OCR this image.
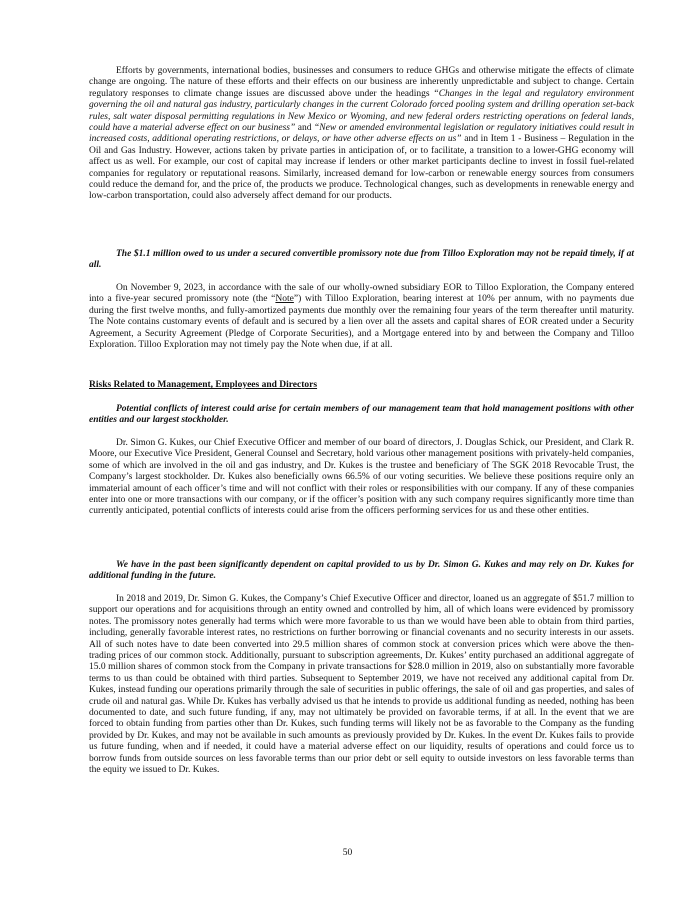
Efforts by governments, international bodies, businesses and consumers to reduce GHGs and otherwise mitigate the effects of climate change are ongoing. The nature of these efforts and their effects on our business are inherently unpredictable and subject to change. Certain regulatory responses to climate change issues are discussed above under the headings “Changes in the legal and regulatory environment governing the oil and natural gas industry, particularly changes in the current Colorado forced pooling system and drilling operation set-back rules, salt water disposal permitting regulations in New Mexico or Wyoming, and new federal orders restricting operations on federal lands, could have a material adverse effect on our business” and “New or amended environmental legislation or regulatory initiatives could result in increased costs, additional operating restrictions, or delays, or have other adverse effects on us” and in Item 1 - Business – Regulation in the Oil and Gas Industry. However, actions taken by private parties in anticipation of, or to facilitate, a transition to a lower-GHG economy will affect us as well. For example, our cost of capital may increase if lenders or other market participants decline to invest in fossil fuel-related companies for regulatory or reputational reasons. Similarly, increased demand for low-carbon or renewable energy sources from consumers could reduce the demand for, and the price of, the products we produce. Technological changes, such as developments in renewable energy and low-carbon transportation, could also adversely affect demand for our products.

The $1.1 million owed to us under a secured convertible promissory note due from Tilloo Exploration may not be repaid timely, if at all.

On November 9, 2023, in accordance with the sale of our wholly-owned subsidiary EOR to Tilloo Exploration, the Company entered into a five-year secured promissory note (the “Note”) with Tilloo Exploration, bearing interest at 10% per annum, with no payments due during the first twelve months, and fully-amortized payments due monthly over the remaining four years of the term thereafter until maturity. The Note contains customary events of default and is secured by a lien over all the assets and capital shares of EOR created under a Security Agreement, a Security Agreement (Pledge of Corporate Securities), and a Mortgage entered into by and between the Company and Tilloo Exploration. Tilloo Exploration may not timely pay the Note when due, if at all.

Risks Related to Management, Employees and Directors

Potential conflicts of interest could arise for certain members of our management team that hold management positions with other entities and our largest stockholder.

Dr. Simon G. Kukes, our Chief Executive Officer and member of our board of directors, J. Douglas Schick, our President, and Clark R. Moore, our Executive Vice President, General Counsel and Secretary, hold various other management positions with privately-held companies, some of which are involved in the oil and gas industry, and Dr. Kukes is the trustee and beneficiary of The SGK 2018 Revocable Trust, the Company’s largest stockholder. Dr. Kukes also beneficially owns 66.5% of our voting securities. We believe these positions require only an immaterial amount of each officer’s time and will not conflict with their roles or responsibilities with our company. If any of these companies enter into one or more transactions with our company, or if the officer’s position with any such company requires significantly more time than currently anticipated, potential conflicts of interests could arise from the officers performing services for us and these other entities.

We have in the past been significantly dependent on capital provided to us by Dr. Simon G. Kukes and may rely on Dr. Kukes for additional funding in the future.

In 2018 and 2019, Dr. Simon G. Kukes, the Company’s Chief Executive Officer and director, loaned us an aggregate of $51.7 million to support our operations and for acquisitions through an entity owned and controlled by him, all of which loans were evidenced by promissory notes. The promissory notes generally had terms which were more favorable to us than we would have been able to obtain from third parties, including, generally favorable interest rates, no restrictions on further borrowing or financial covenants and no security interests in our assets. All of such notes have to date been converted into 29.5 million shares of common stock at conversion prices which were above the then-trading prices of our common stock. Additionally, pursuant to subscription agreements, Dr. Kukes’ entity purchased an additional aggregate of 15.0 million shares of common stock from the Company in private transactions for $28.0 million in 2019, also on substantially more favorable terms to us than could be obtained with third parties. Subsequent to September 2019, we have not received any additional capital from Dr. Kukes, instead funding our operations primarily through the sale of securities in public offerings, the sale of oil and gas properties, and sales of crude oil and natural gas. While Dr. Kukes has verbally advised us that he intends to provide us additional funding as needed, nothing has been documented to date, and such future funding, if any, may not ultimately be provided on favorable terms, if at all. In the event that we are forced to obtain funding from parties other than Dr. Kukes, such funding terms will likely not be as favorable to the Company as the funding provided by Dr. Kukes, and may not be available in such amounts as previously provided by Dr. Kukes. In the event Dr. Kukes fails to provide us future funding, when and if needed, it could have a material adverse effect on our liquidity, results of operations and could force us to borrow funds from outside sources on less favorable terms than our prior debt or sell equity to outside investors on less favorable terms than the equity we issued to Dr. Kukes.

50
